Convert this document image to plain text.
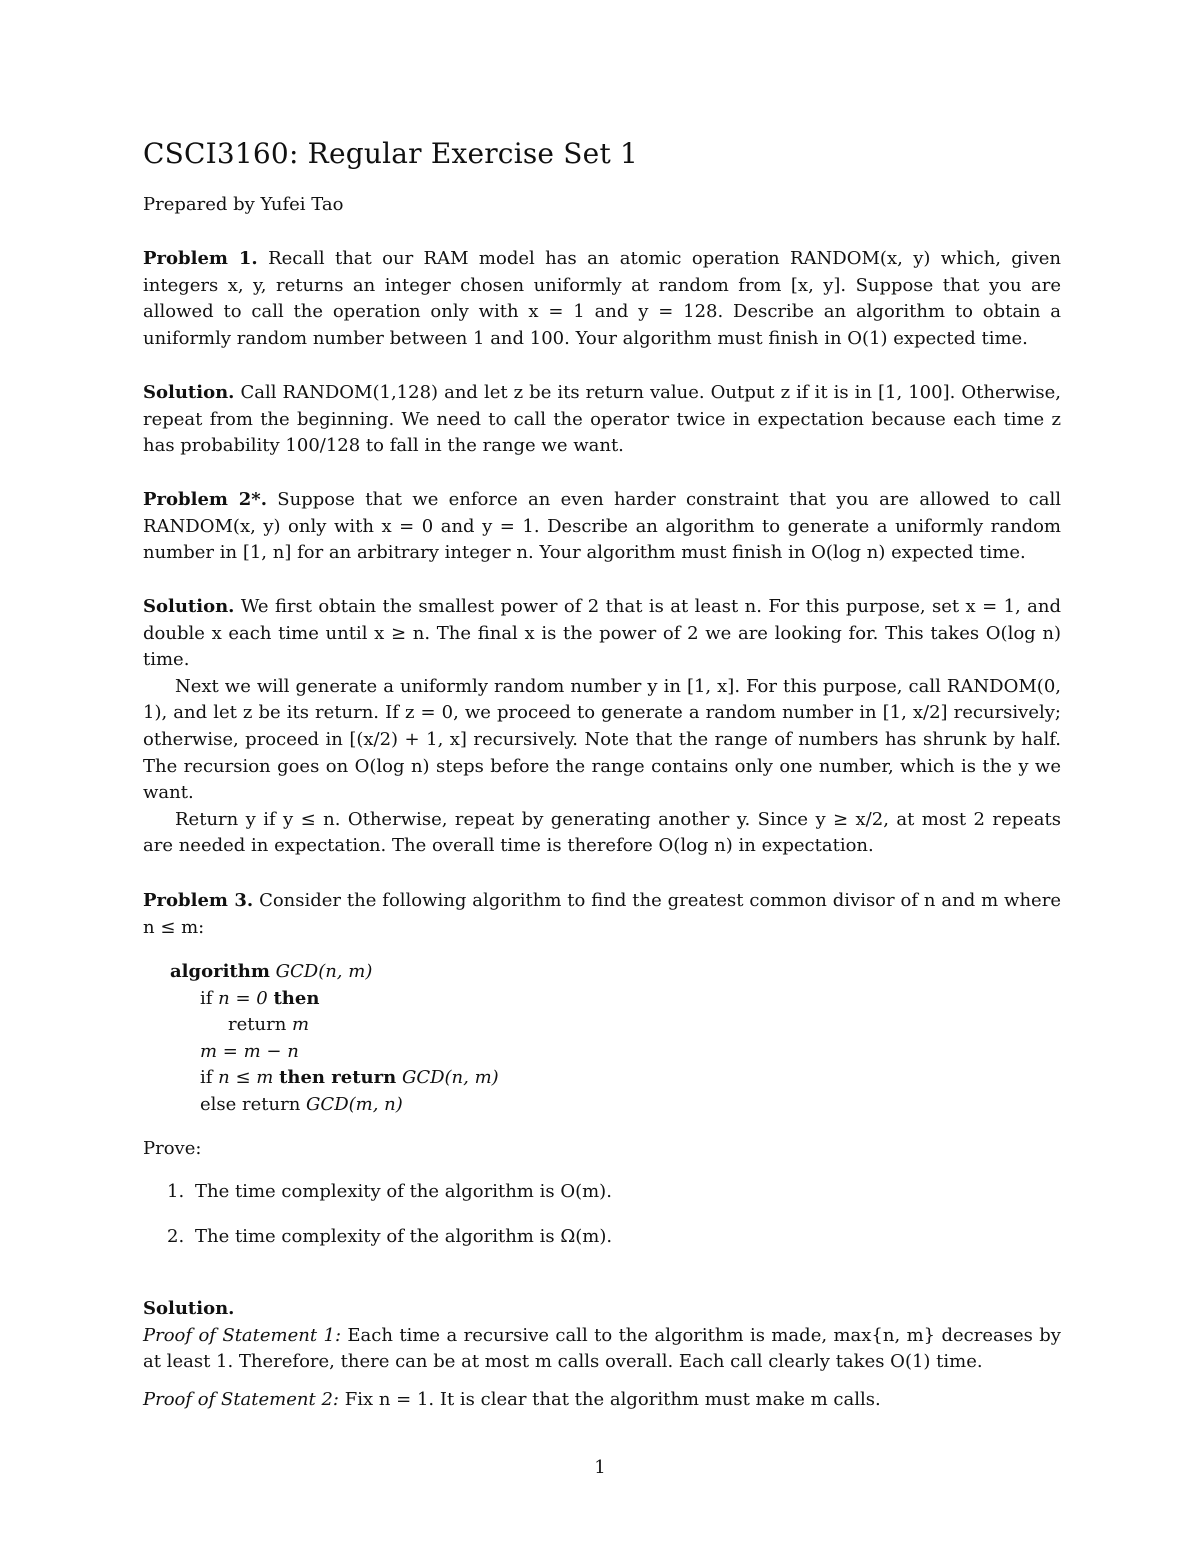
CSCI3160: Regular Exercise Set 1

Prepared by Yufei Tao

Problem 1. Recall that our RAM model has an atomic operation RANDOM(x, y) which, given integers x, y, returns an integer chosen uniformly at random from [x, y]. Suppose that you are allowed to call the operation only with x = 1 and y = 128. Describe an algorithm to obtain a uniformly random number between 1 and 100. Your algorithm must finish in O(1) expected time.

Solution. Call RANDOM(1,128) and let z be its return value. Output z if it is in [1, 100]. Otherwise, repeat from the beginning. We need to call the operator twice in expectation because each time z has probability 100/128 to fall in the range we want.

Problem 2*. Suppose that we enforce an even harder constraint that you are allowed to call RANDOM(x, y) only with x = 0 and y = 1. Describe an algorithm to generate a uniformly random number in [1, n] for an arbitrary integer n. Your algorithm must finish in O(log n) expected time.

Solution. We first obtain the smallest power of 2 that is at least n. For this purpose, set x = 1, and double x each time until x ≥ n. The final x is the power of 2 we are looking for. This takes O(log n) time.

Next we will generate a uniformly random number y in [1, x]. For this purpose, call RANDOM(0, 1), and let z be its return. If z = 0, we proceed to generate a random number in [1, x/2] recursively; otherwise, proceed in [(x/2) + 1, x] recursively. Note that the range of numbers has shrunk by half. The recursion goes on O(log n) steps before the range contains only one number, which is the y we want.

Return y if y ≤ n. Otherwise, repeat by generating another y. Since y ≥ x/2, at most 2 repeats are needed in expectation. The overall time is therefore O(log n) in expectation.

Problem 3. Consider the following algorithm to find the greatest common divisor of n and m where n ≤ m:

algorithm GCD(n, m)
if n = 0 then
return m
m = m − n
if n ≤ m then return GCD(n, m)
else return GCD(m, n)

Prove:

1. The time complexity of the algorithm is O(m).
2. The time complexity of the algorithm is Ω(m).

Solution.

Proof of Statement 1: Each time a recursive call to the algorithm is made, max{n, m} decreases by at least 1. Therefore, there can be at most m calls overall. Each call clearly takes O(1) time.

Proof of Statement 2: Fix n = 1. It is clear that the algorithm must make m calls.

1
